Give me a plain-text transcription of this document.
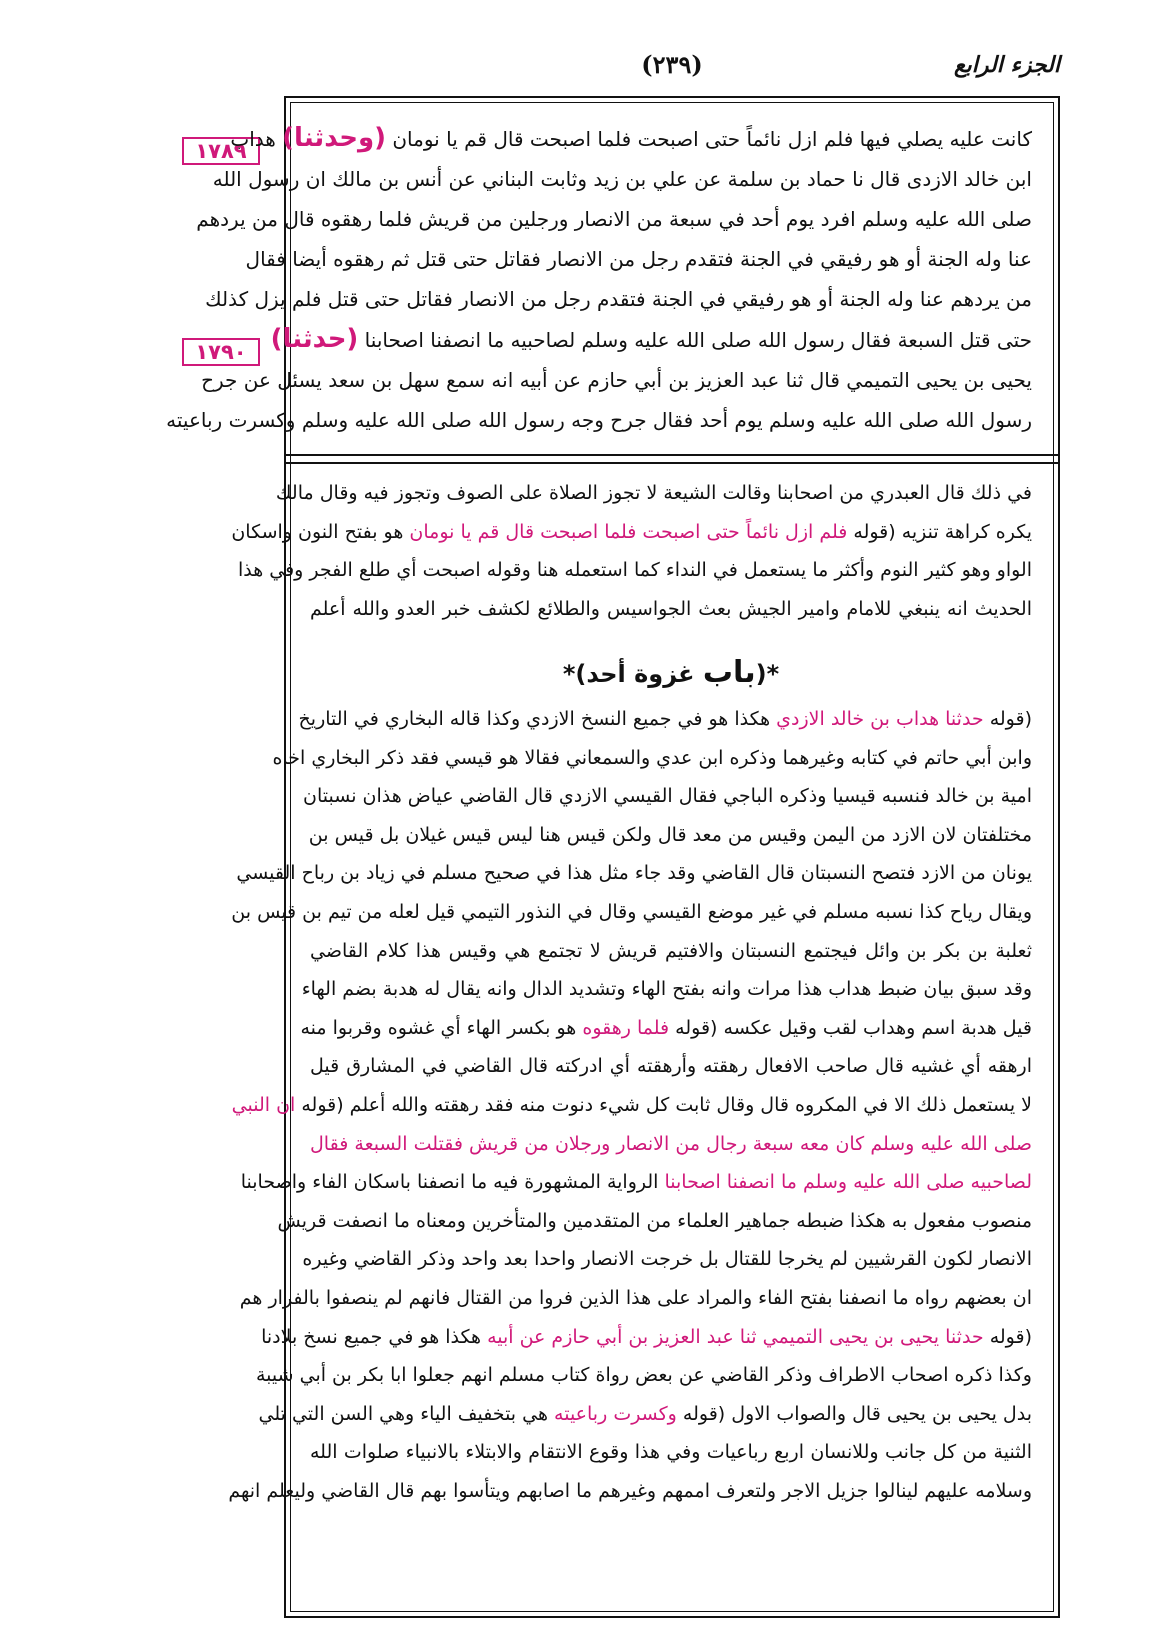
الجزء الرابع
(٢٣٩)
١٧٨٩
١٧٩٠
كانت عليه يصلي فيها فلم ازل نائماً حتى اصبحت فلما اصبحت قال قم يا نومان (وحدثنا) هداب
ابن خالد الازدى قال نا حماد بن سلمة عن علي بن زيد وثابت البناني عن أنس بن مالك ان رسول الله
صلى الله عليه وسلم افرد يوم أحد في سبعة من الانصار ورجلين من قريش فلما رهقوه قال من يردهم
عنا وله الجنة أو هو رفيقي في الجنة فتقدم رجل من الانصار فقاتل حتى قتل ثم رهقوه أيضا فقال
من يردهم عنا وله الجنة أو هو رفيقي في الجنة فتقدم رجل من الانصار فقاتل حتى قتل فلم يزل كذلك
حتى قتل السبعة فقال رسول الله صلى الله عليه وسلم لصاحبيه ما انصفنا اصحابنا (حدثنا)
يحيى بن يحيى التميمي قال ثنا عبد العزيز بن أبي حازم عن أبيه انه سمع سهل بن سعد يسئل عن جرح
رسول الله صلى الله عليه وسلم يوم أحد فقال جرح وجه رسول الله صلى الله عليه وسلم وكسرت رباعيته
في ذلك قال العبدري من اصحابنا وقالت الشيعة لا تجوز الصلاة على الصوف وتجوز فيه وقال مالك
يكره كراهة تنزيه (قوله فلم ازل نائماً حتى اصبحت فلما اصبحت قال قم يا نومان هو بفتح النون واسكان
الواو وهو كثير النوم وأكثر ما يستعمل في النداء كما استعمله هنا وقوله اصبحت أي طلع الفجر وفي هذا
الحديث انه ينبغي للامام وامير الجيش بعث الجواسيس والطلائع لكشف خبر العدو والله أعلم
*(باب غزوة أحد)*
(قوله حدثنا هداب بن خالد الازدي هكذا هو في جميع النسخ الازدي وكذا قاله البخاري في التاريخ
وابن أبي حاتم في كتابه وغيرهما وذكره ابن عدي والسمعاني فقالا هو قيسي فقد ذكر البخاري اخاه
امية بن خالد فنسبه قيسيا وذكره الباجي فقال القيسي الازدي قال القاضي عياض هذان نسبتان
مختلفتان لان الازد من اليمن وقيس من معد قال ولكن قيس هنا ليس قيس غيلان بل قيس بن
يونان من الازد فتصح النسبتان قال القاضي وقد جاء مثل هذا في صحيح مسلم في زياد بن رباح القيسي
ويقال رياح كذا نسبه مسلم في غير موضع القيسي وقال في النذور التيمي قيل لعله من تيم بن قيس بن
ثعلبة بن بكر بن وائل فيجتمع النسبتان والافتيم قريش لا تجتمع هي وقيس هذا كلام القاضي
وقد سبق بيان ضبط هداب هذا مرات وانه بفتح الهاء وتشديد الدال وانه يقال له هدبة بضم الهاء
قيل هدبة اسم وهداب لقب وقيل عكسه (قوله فلما رهقوه هو بكسر الهاء أي غشوه وقربوا منه
ارهقه أي غشيه قال صاحب الافعال رهقته وأرهقته أي ادركته قال القاضي في المشارق قيل
لا يستعمل ذلك الا في المكروه قال وقال ثابت كل شيء دنوت منه فقد رهقته والله أعلم (قوله ان النبي
صلى الله عليه وسلم كان معه سبعة رجال من الانصار ورجلان من قريش فقتلت السبعة فقال
لصاحبيه صلى الله عليه وسلم ما انصفنا اصحابنا الرواية المشهورة فيه ما انصفنا باسكان الفاء واصحابنا
منصوب مفعول به هكذا ضبطه جماهير العلماء من المتقدمين والمتأخرين ومعناه ما انصفت قريش
الانصار لكون القرشيين لم يخرجا للقتال بل خرجت الانصار واحدا بعد واحد وذكر القاضي وغيره
ان بعضهم رواه ما انصفنا بفتح الفاء والمراد على هذا الذين فروا من القتال فانهم لم ينصفوا بالفرار هم
(قوله حدثنا يحيى بن يحيى التميمي ثنا عبد العزيز بن أبي حازم عن أبيه هكذا هو في جميع نسخ بلادنا
وكذا ذكره اصحاب الاطراف وذكر القاضي عن بعض رواة كتاب مسلم انهم جعلوا ابا بكر بن أبي شيبة
بدل يحيى بن يحيى قال والصواب الاول (قوله وكسرت رباعيته هي بتخفيف الياء وهي السن التي تلي
الثنية من كل جانب وللانسان اربع رباعيات وفي هذا وقوع الانتقام والابتلاء بالانبياء صلوات الله
وسلامه عليهم لينالوا جزيل الاجر ولتعرف اممهم وغيرهم ما اصابهم ويتأسوا بهم قال القاضي وليعلم انهم
